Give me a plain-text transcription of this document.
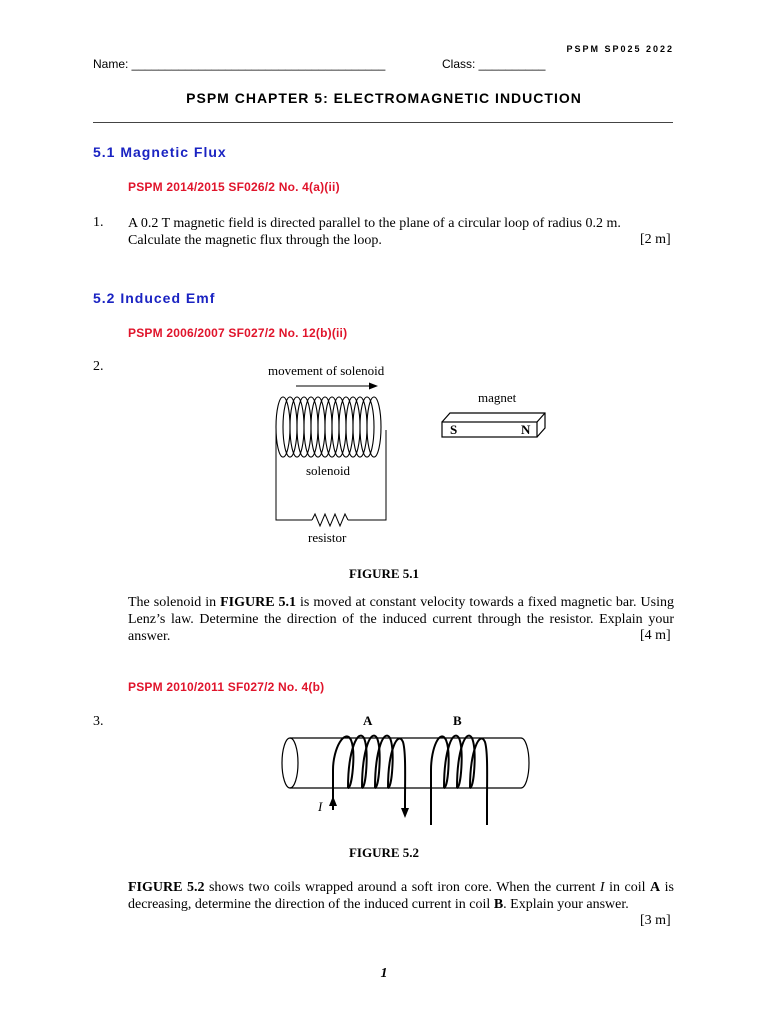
PSPM SP025 2022
Name: ______________________________________	Class: __________
PSPM CHAPTER 5: ELECTROMAGNETIC INDUCTION
5.1 Magnetic Flux
PSPM 2014/2015 SF026/2 No. 4(a)(ii)
1. A 0.2 T magnetic field is directed parallel to the plane of a circular loop of radius 0.2 m.
Calculate the magnetic flux through the loop.	[2 m]
5.2 Induced Emf
PSPM 2006/2007 SF027/2 No. 12(b)(ii)
2.	movement of solenoid
magnet
S	N
solenoid
resistor
FIGURE 5.1
The solenoid in FIGURE 5.1 is moved at constant velocity towards a fixed magnetic bar. Using Lenz’s law. Determine the direction of the induced current through the resistor. Explain your answer.	[4 m]
PSPM 2010/2011 SF027/2 No. 4(b)
3.	A	B
I
FIGURE 5.2
FIGURE 5.2 shows two coils wrapped around a soft iron core. When the current I in coil A is decreasing, determine the direction of the induced current in coil B. Explain your answer.
[3 m]
1
